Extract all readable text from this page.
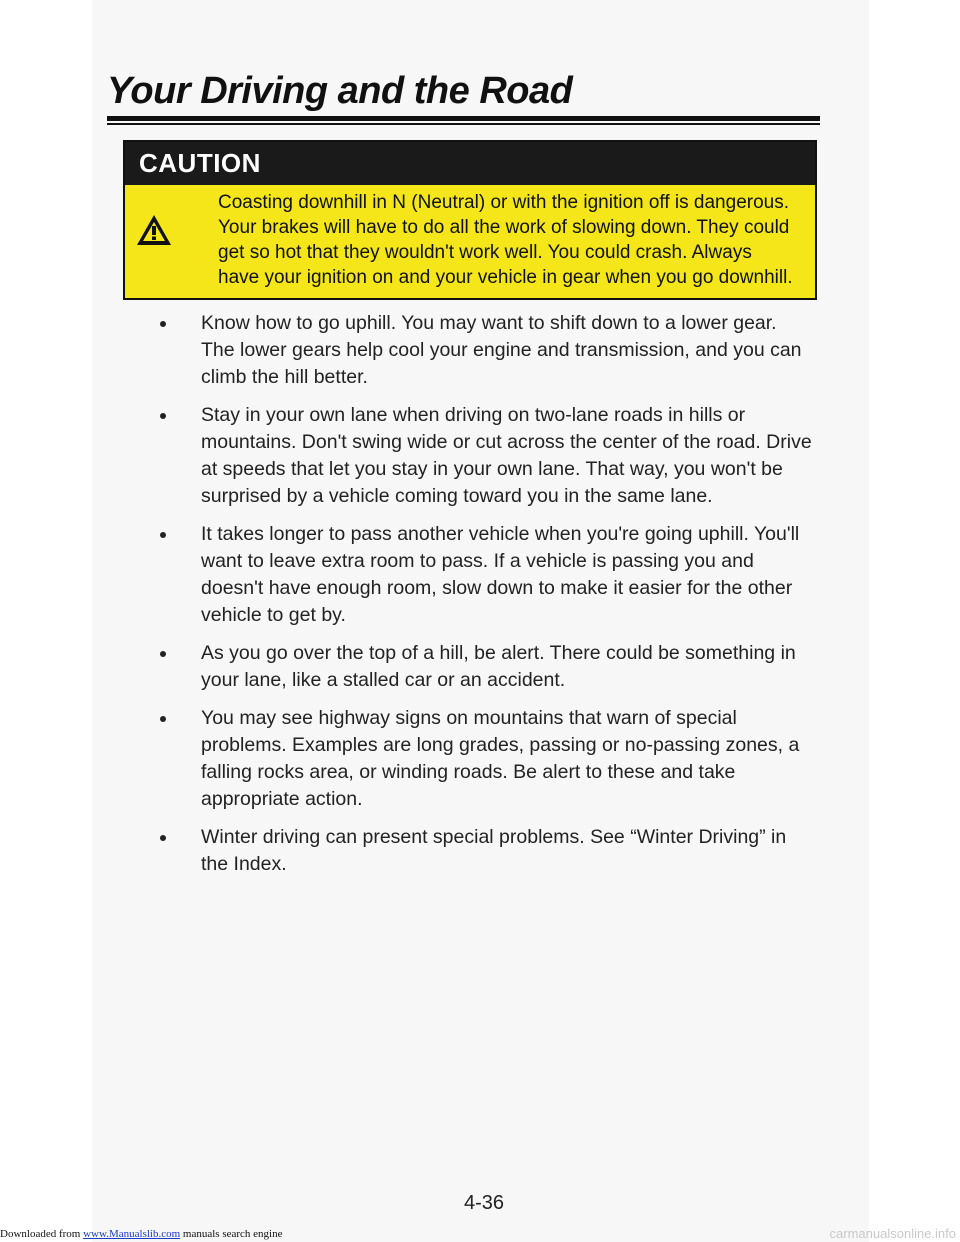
Your Driving and the Road
CAUTION
Coasting downhill in N (Neutral) or with the ignition off is dangerous.
Your brakes will have to do all the work of slowing down. They could
get so hot that they wouldn't work well. You could crash. Always
have your ignition on and your vehicle in gear when you go downhill.
Know how to go uphill. You may want to shift down to a lower gear. The lower gears help cool your engine and transmission, and you can climb the hill better.
Stay in your own lane when driving on two-lane roads in hills or mountains. Don't swing wide or cut across the center of the road. Drive at speeds that let you stay in your own lane. That way, you won't be surprised by a vehicle coming toward you in the same lane.
It takes longer to pass another vehicle when you're going uphill. You'll want to leave extra room to pass. If a vehicle is passing you and doesn't have enough room, slow down to make it easier for the other vehicle to get by.
As you go over the top of a hill, be alert. There could be something in your lane, like a stalled car or an accident.
You may see highway signs on mountains that warn of special problems. Examples are long grades, passing or no-passing zones, a falling rocks area, or winding roads. Be alert to these and take appropriate action.
Winter driving can present special problems. See “Winter Driving” in the Index.
4-36
Downloaded from www.Manualslib.com manuals search engine	carmanualsonline.info
